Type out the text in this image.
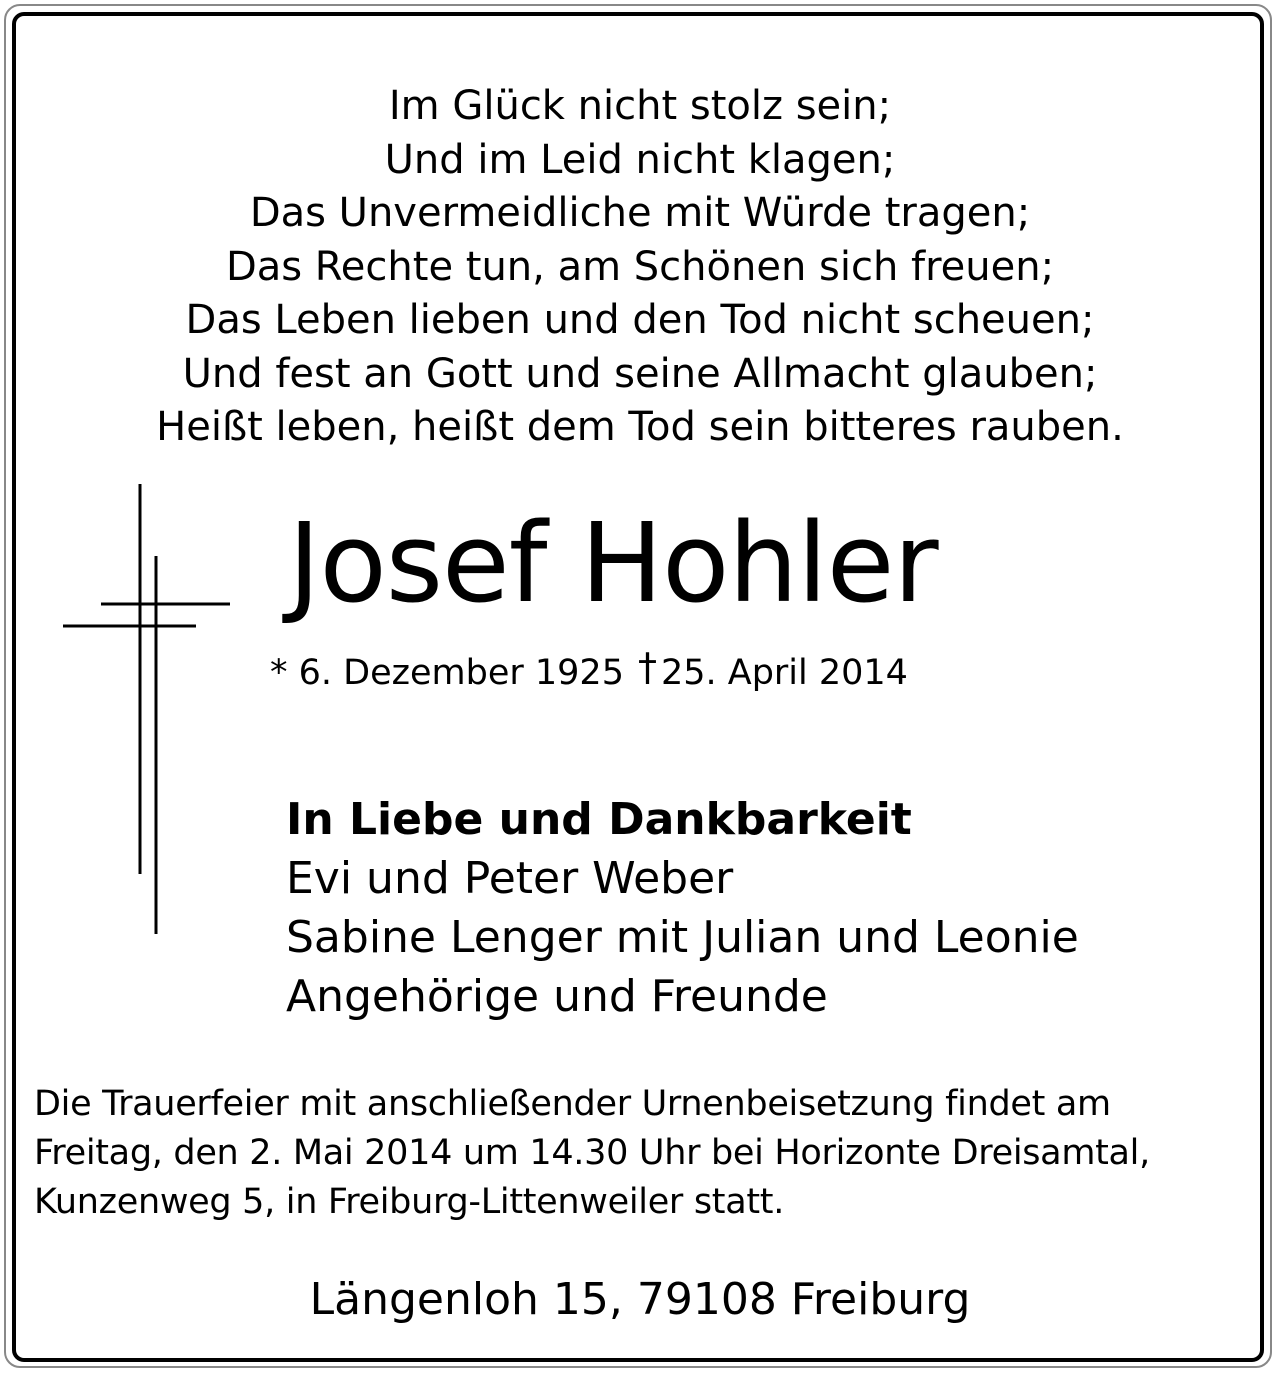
Im Glück nicht stolz sein;
Und im Leid nicht klagen;
Das Unvermeidliche mit Würde tragen;
Das Rechte tun, am Schönen sich freuen;
Das Leben lieben und den Tod nicht scheuen;
Und fest an Gott und seine Allmacht glauben;
Heißt leben, heißt dem Tod sein bitteres rauben.
Josef Hohler
* 6. Dezember 1925 † 25. April 2014
In Liebe und Dankbarkeit
Evi und Peter Weber
Sabine Lenger mit Julian und Leonie
Angehörige und Freunde
Die Trauerfeier mit anschließender Urnenbeisetzung findet am
Freitag, den 2. Mai 2014 um 14.30 Uhr bei Horizonte Dreisamtal,
Kunzenweg 5, in Freiburg-Littenweiler statt.
Längenloh 15, 79108 Freiburg
